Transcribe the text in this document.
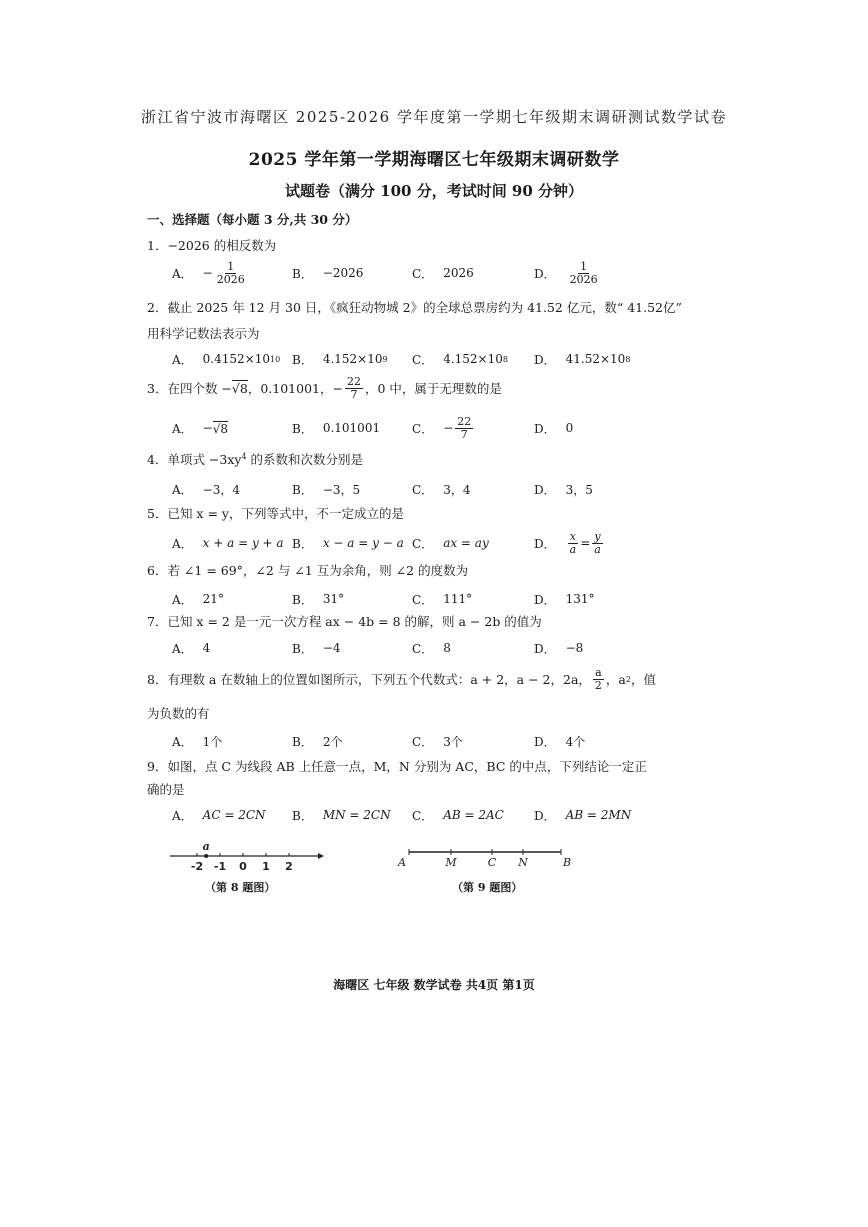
浙江省宁波市海曙区 2025-2026 学年度第一学期七年级期末调研测试数学试卷
2025 学年第一学期海曙区七年级期末调研数学
试题卷（满分 100 分，考试时间 90 分钟）
一、选择题（每小题 3 分,共 30 分）
1．−2026 的相反数为
A． − $\frac{1}{2026}$	B． −2026	C． 2026	D． $\frac{1}{2026}$
2．截止 2025 年 12 月 30 日，《疯狂动物城 2》的全球总票房约为 41.52 亿元，数“ 41.52亿”
用科学记数法表示为
A． 0.4152×10 10 B． 4.152×10 9 C． 4.152×10 8 D． 41.52×10 8
3．在四个数 − √8 ，0.101001，− $\frac{22}{7}$ ，0 中，属于无理数的是
A． − √8	B． 0.101001	C． − $\frac{22}{7}$	D． 0
4．单项式 $-3xy^4$ 的系数和次数分别是
A． −3，4	B． −3，5	C． 3，4	D． 3，5
5．已知 x = y，下列等式中，不一定成立的是
A． x + a = y + a B． x − a = y − a C． ax = ay	D． $\frac{x}{a} = \frac{y}{a}$
6．若 ∠1 = 69°，∠2 与 ∠1 互为余角，则 ∠2 的度数为
A． 21°	B． 31°	C． 111°	D． 131°
7．已知 x = 2 是一元一次方程 ax − 4b = 8 的解，则 a − 2b 的值为
A． 4	B． −4	C． 8	D． −8
8．有理数 a 在数轴上的位置如图所示，下列五个代数式：a + 2，a − 2，2a， $\frac{a}{2}$ ，a 2 ，值
为负数的有
A． 1个	B． 2个	C． 3个	D． 4个
9．如图，点 C 为线段 AB 上任意一点，M，N 分别为 AC，BC 的中点，下列结论一定正
确的是
A． AC = 2CN B． MN = 2CN C． AB = 2AC	D． AB = 2MN
-2 -1 0 1 2
a
（第 8 题图）
A	M	C N	B
（第 9 题图）
海曙区 七年级 数学试卷 共4页 第1页
